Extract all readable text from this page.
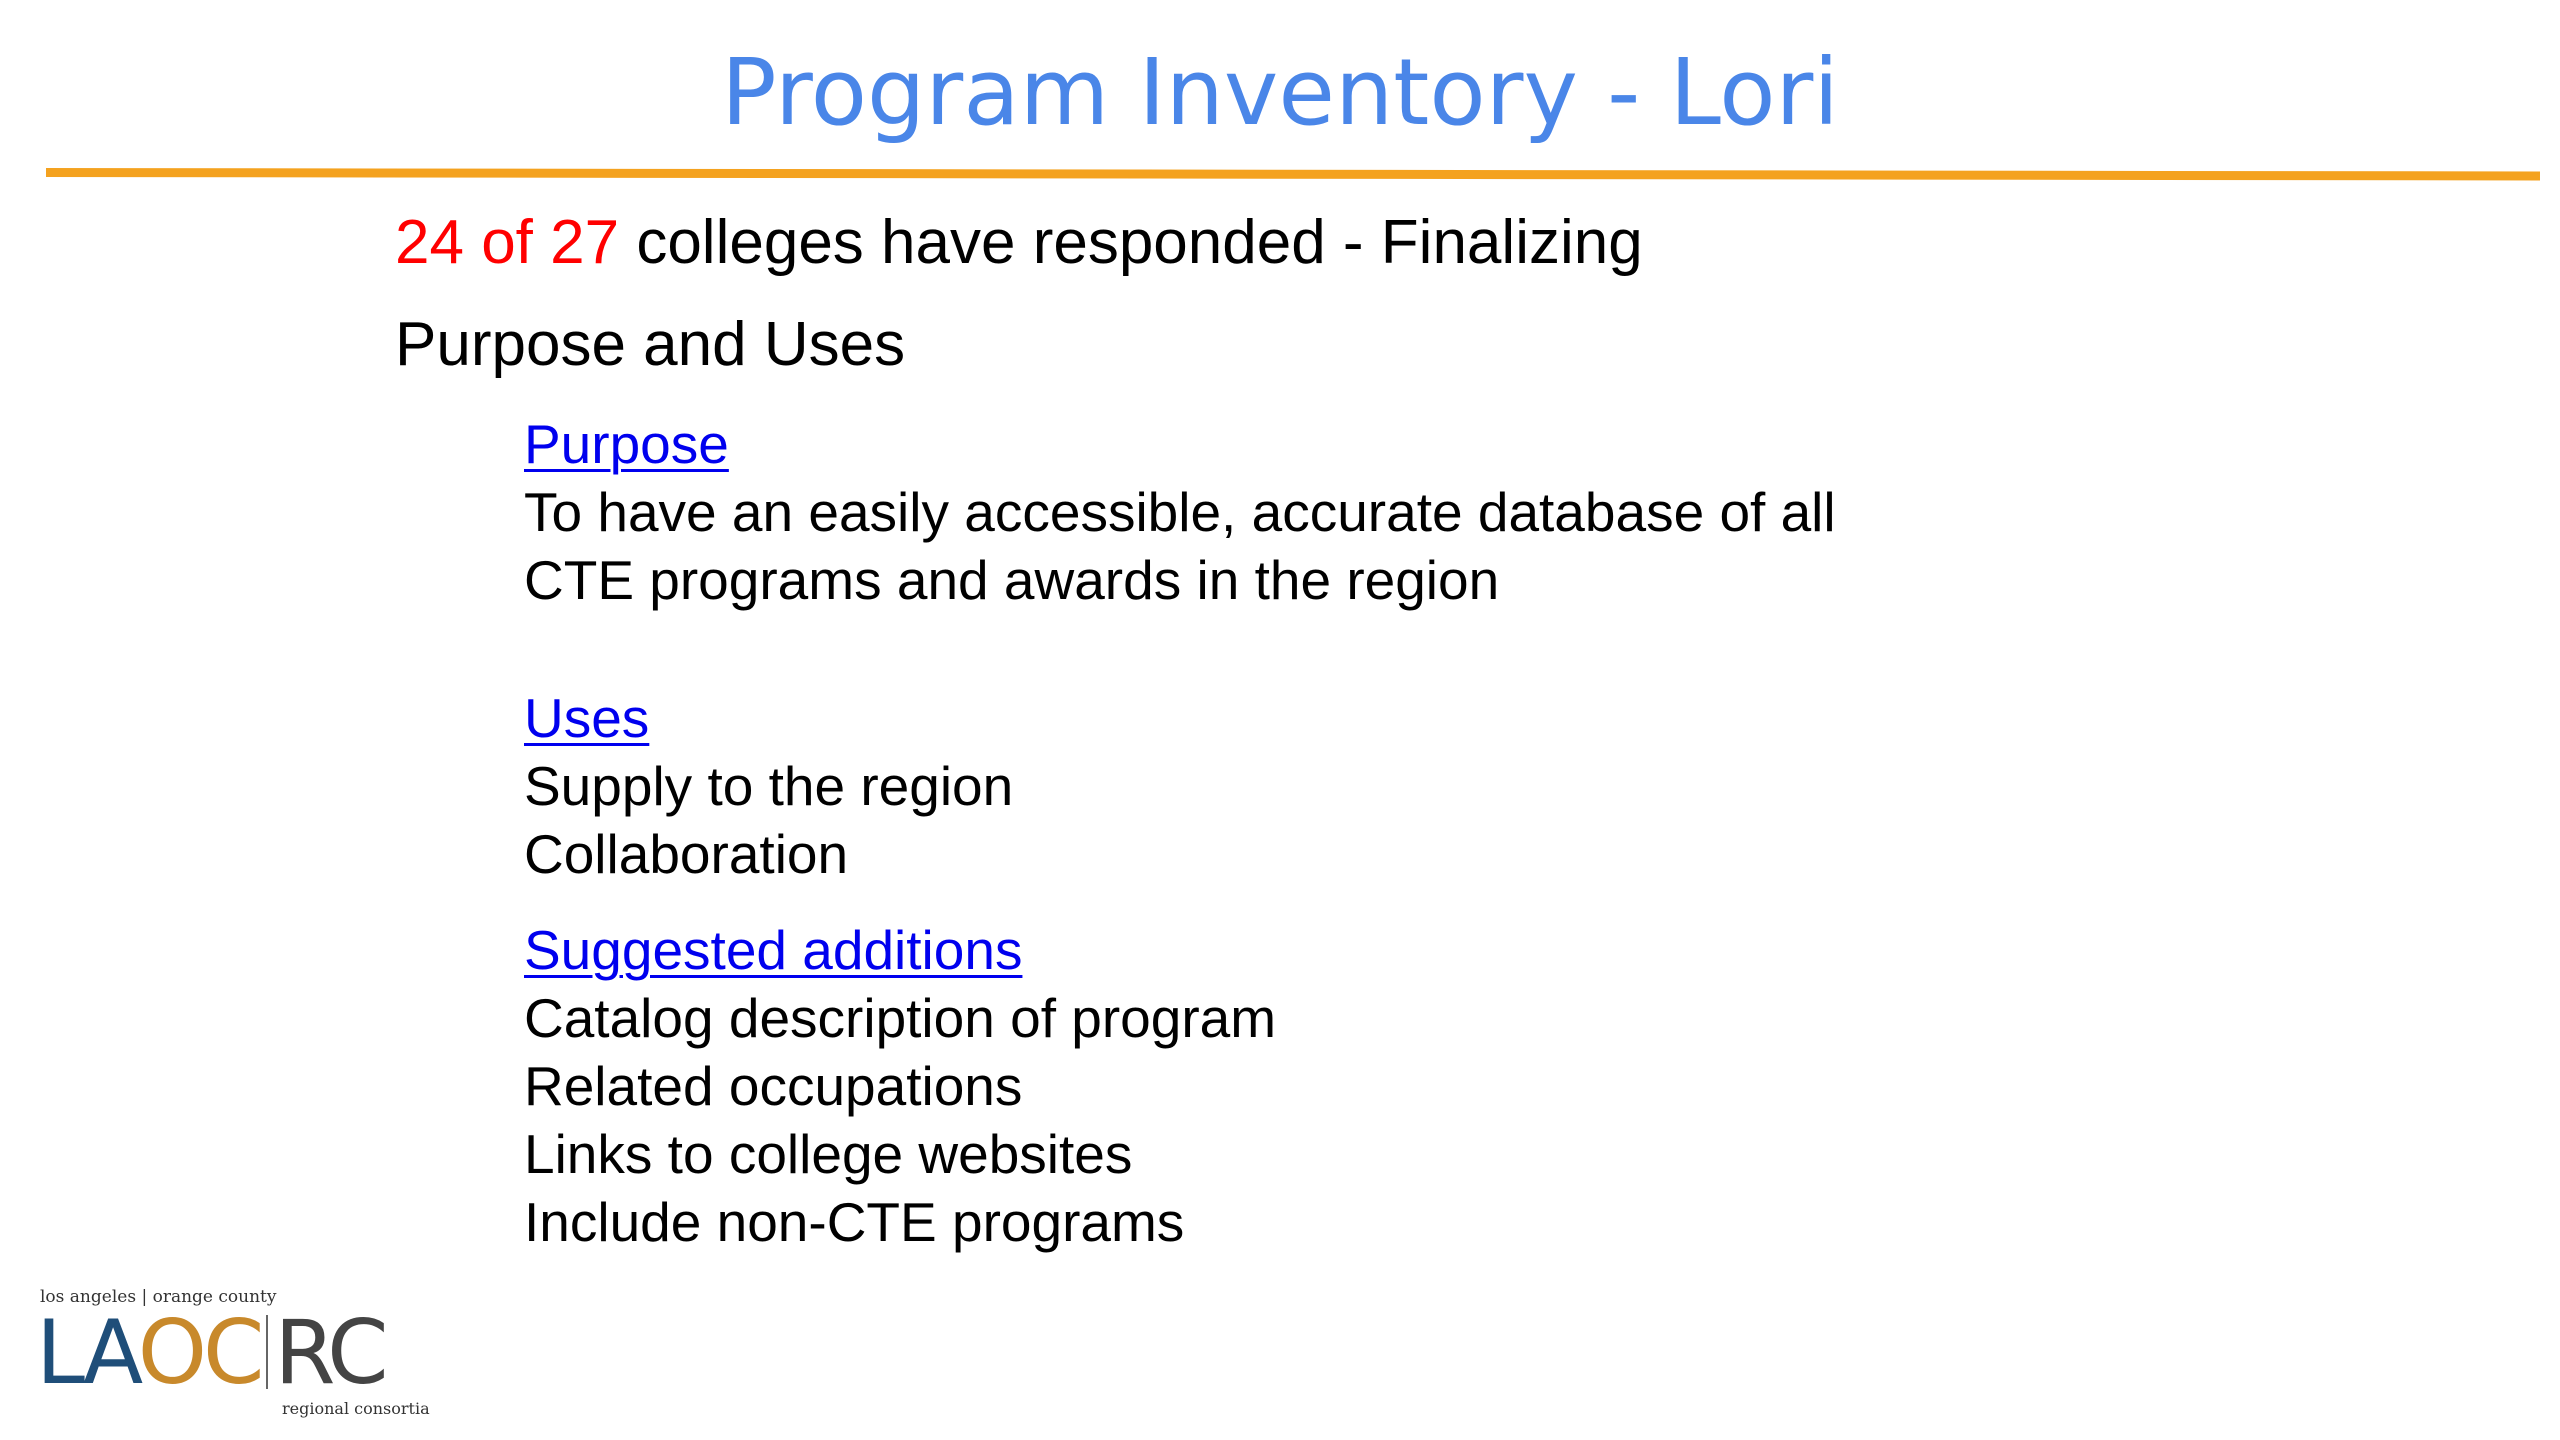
Program Inventory - Lori
24 of 27 colleges have responded - Finalizing
Purpose and Uses
Purpose
To have an easily accessible, accurate database of all
CTE programs and awards in the region
Uses
Supply to the region
Collaboration
Suggested additions
Catalog description of program
Related occupations
Links to college websites
Include non-CTE programs
los angeles | orange county
LAOC RC
regional consortia
